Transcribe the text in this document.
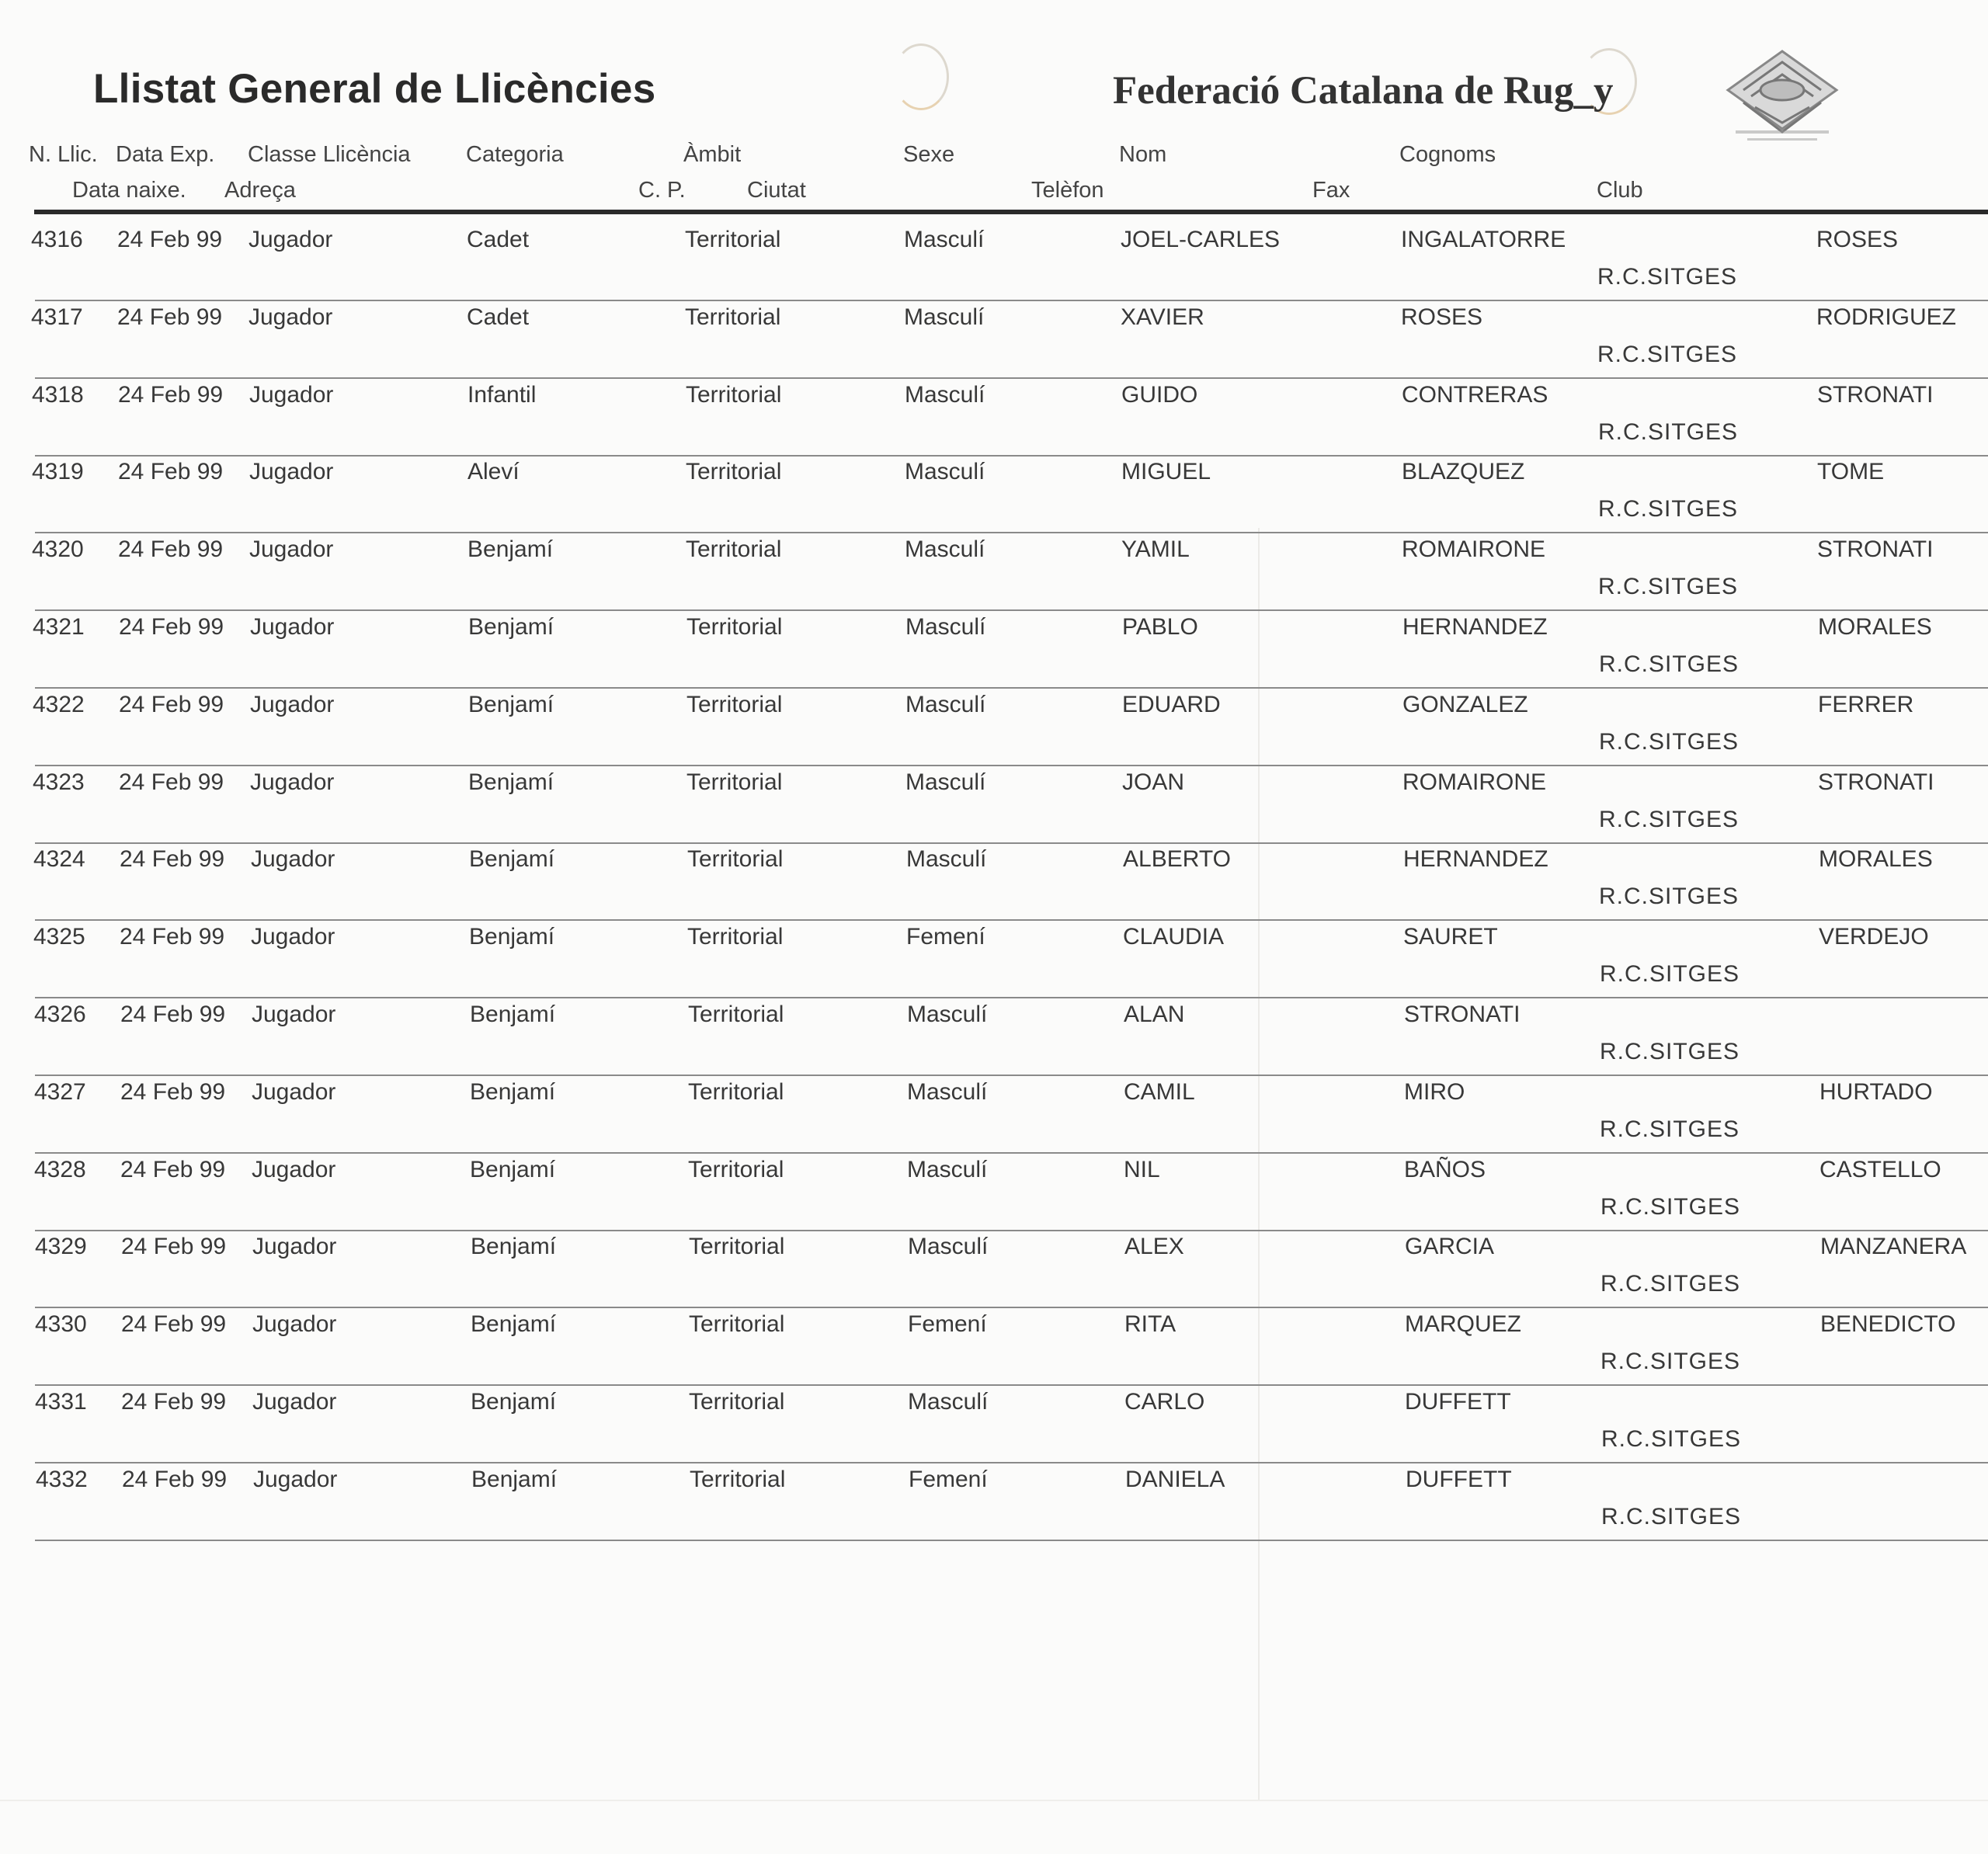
Llistat General de Llicències	Federació Catalana de Rug_y
N. Llic. Data Exp. Classe Llicència Categoria	Àmbit	Sexe	Nom	Cognoms
Data naixe. Adreça	C. P.	Ciutat	Telèfon	Fax	Club
4316 24 Feb 99 Jugador	Cadet	Territorial	Masculí	JOEL-CARLES	INGALATORRE	ROSES
R.C.SITGES
4317 24 Feb 99 Jugador	Cadet	Territorial	Masculí	XAVIER	ROSES	RODRIGUEZ
R.C.SITGES
4318 24 Feb 99 Jugador	Infantil	Territorial	Masculí	GUIDO	CONTRERAS	STRONATI
R.C.SITGES
4319 24 Feb 99 Jugador	Aleví	Territorial	Masculí	MIGUEL	BLAZQUEZ	TOME
R.C.SITGES
4320 24 Feb 99 Jugador	Benjamí	Territorial	Masculí	YAMIL	ROMAIRONE	STRONATI
R.C.SITGES
4321 24 Feb 99 Jugador	Benjamí	Territorial	Masculí	PABLO	HERNANDEZ	MORALES
R.C.SITGES
4322 24 Feb 99 Jugador	Benjamí	Territorial	Masculí	EDUARD	GONZALEZ	FERRER
R.C.SITGES
4323 24 Feb 99 Jugador	Benjamí	Territorial	Masculí	JOAN	ROMAIRONE	STRONATI
R.C.SITGES
4324 24 Feb 99 Jugador	Benjamí	Territorial	Masculí	ALBERTO	HERNANDEZ	MORALES
R.C.SITGES
4325 24 Feb 99 Jugador	Benjamí	Territorial	Femení	CLAUDIA	SAURET	VERDEJO
R.C.SITGES
4326 24 Feb 99 Jugador	Benjamí	Territorial	Masculí	ALAN	STRONATI
R.C.SITGES
4327 24 Feb 99 Jugador	Benjamí	Territorial	Masculí	CAMIL	MIRO	HURTADO
R.C.SITGES
4328 24 Feb 99 Jugador	Benjamí	Territorial	Masculí	NIL	BAÑOS	CASTELLO
R.C.SITGES
4329 24 Feb 99 Jugador	Benjamí	Territorial	Masculí	ALEX	GARCIA	MANZANERA
R.C.SITGES
4330 24 Feb 99 Jugador	Benjamí	Territorial	Femení	RITA	MARQUEZ	BENEDICTO
R.C.SITGES
4331 24 Feb 99 Jugador	Benjamí	Territorial	Masculí	CARLO	DUFFETT
R.C.SITGES
4332 24 Feb 99 Jugador	Benjamí	Territorial	Femení	DANIELA	DUFFETT
R.C.SITGES
